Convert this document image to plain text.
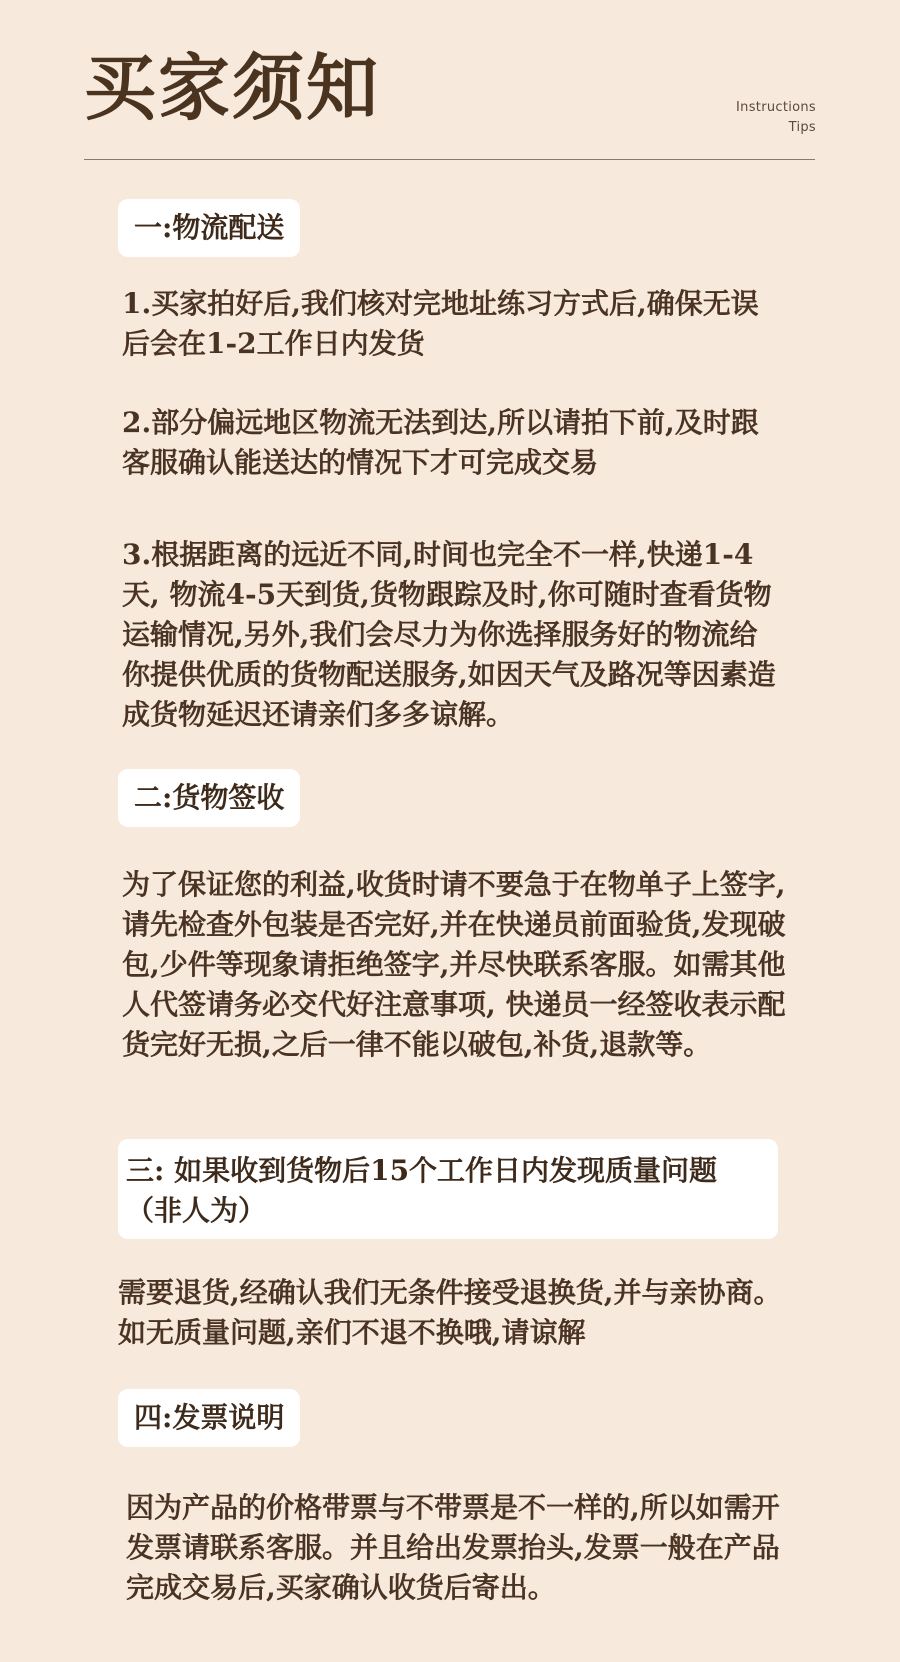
买家须知	Instructions
Tips
一:物流配送
1.买家拍好后,我们核对完地址练习方式后,确保无误后会在1-2工作日内发货
2.部分偏远地区物流无法到达,所以请拍下前,及时跟客服确认能送达的情况下才可完成交易
3.根据距离的远近不同,时间也完全不一样,快递1-4天, 物流4-5天到货,货物跟踪及时,你可随时查看货物运输情况,另外,我们会尽力为你选择服务好的物流给你提供优质的货物配送服务,如因天气及路况等因素造成货物延迟还请亲们多多谅解。
二:货物签收
为了保证您的利益,收货时请不要急于在物单子上签字,请先检查外包装是否完好,并在快递员前面验货,发现破包,少件等现象请拒绝签字,并尽快联系客服。如需其他人代签请务必交代好注意事项, 快递员一经签收表示配货完好无损,之后一律不能以破包,补货,退款等。
三: 如果收到货物后15个工作日内发现质量问题（非人为）
需要退货,经确认我们无条件接受退换货,并与亲协商。如无质量问题,亲们不退不换哦,请谅解
四:发票说明
因为产品的价格带票与不带票是不一样的,所以如需开发票请联系客服。并且给出发票抬头,发票一般在产品完成交易后,买家确认收货后寄出。
